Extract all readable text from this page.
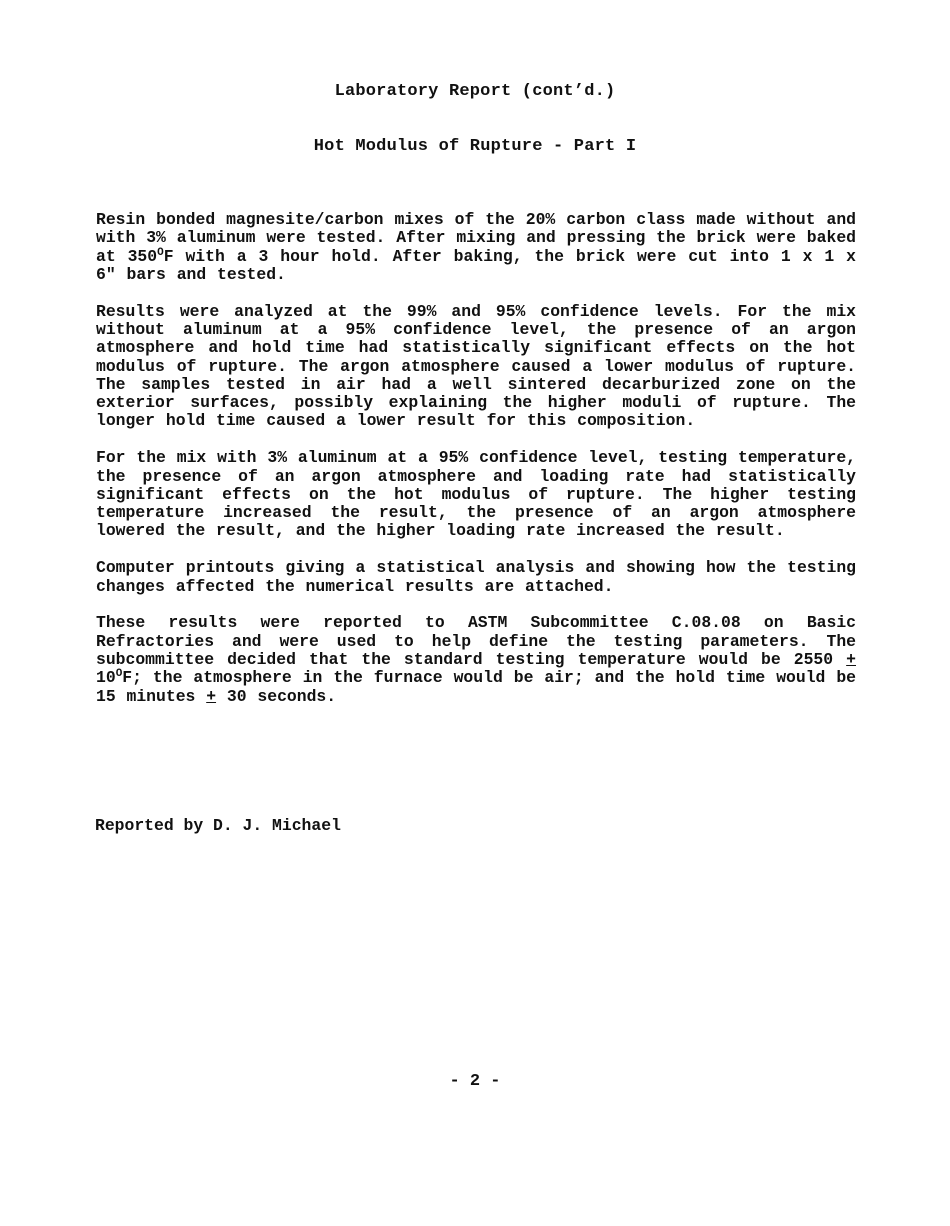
Laboratory Report (cont’d.)
Hot Modulus of Rupture - Part I

Resin bonded magnesite/carbon mixes of the 20% carbon class made without and with 3% aluminum were tested. After mixing and pressing the brick were baked at $350^OF$ with a 3 hour hold. After baking, the brick were cut into 1 x 1 x 6" bars and tested.

Results were analyzed at the 99% and 95% confidence levels. For the mix without aluminum at a 95% confidence level, the presence of an argon atmosphere and hold time had statistically significant effects on the hot modulus of rupture. The argon atmosphere caused a lower modulus of rupture. The samples tested in air had a well sintered decarburized zone on the exterior surfaces, possibly explaining the higher moduli of rupture. The longer hold time caused a lower result for this composition.

For the mix with 3% aluminum at a 95% confidence level, testing temperature, the presence of an argon atmosphere and loading rate had statistically significant effects on the hot modulus of rupture. The higher testing temperature increased the result, the presence of an argon atmosphere lowered the result, and the higher loading rate increased the result.

Computer printouts giving a statistical analysis and showing how the testing changes affected the numerical results are attached.

These results were reported to ASTM Subcommittee C.08.08 on Basic Refractories and were used to help define the testing parameters. The subcommittee decided that the standard testing temperature would be $2550 + 10^OF$; the atmosphere in the furnace would be air; and the hold time would be 15 minutes + 30 seconds.

Reported by D. J. Michael
- 2 -
